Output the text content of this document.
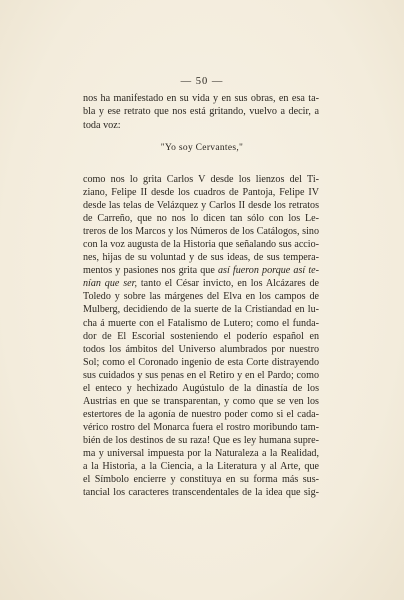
— 50 —
nos ha manifestado en su vida y en sus obras, en esa ta-
bla y ese retrato que nos está gritando, vuelvo a decir, a
toda voz:
"Yo soy Cervantes,"
como nos lo grita Carlos V desde los lienzos del Ti-
ziano, Felipe II desde los cuadros de Pantoja, Felipe IV
desde las telas de Velázquez y Carlos II desde los retratos
de Carreño, que no nos lo dicen tan sólo con los Le-
treros de los Marcos y los Números de los Catálogos, sino
con la voz augusta de la Historia que señalando sus accio-
nes, hijas de su voluntad y de sus ideas, de sus tempera-
mentos y pasiones nos grita que así fueron porque así te-
nían que ser, tanto el César invicto, en los Alcázares de
Toledo y sobre las márgenes del Elva en los campos de
Mulberg, decidiendo de la suerte de la Cristiandad en lu-
cha á muerte con el Fatalismo de Lutero; como el funda-
dor de El Escorial sosteniendo el poderío español en
todos los ámbitos del Universo alumbrados por nuestro
Sol; como el Coronado ingenio de esta Corte distrayendo
sus cuidados y sus penas en el Retiro y en el Pardo; como
el enteco y hechizado Augústulo de la dinastía de los
Austrias en que se transparentan, y como que se ven los
estertores de la agonía de nuestro poder como si el cada-
vérico rostro del Monarca fuera el rostro moribundo tam-
bién de los destinos de su raza! Que es ley humana supre-
ma y universal impuesta por la Naturaleza a la Realidad,
a la Historia, a la Ciencia, a la Literatura y al Arte, que
el Símbolo encierre y constituya en su forma más sus-
tancial los caracteres transcendentales de la idea que sig-
